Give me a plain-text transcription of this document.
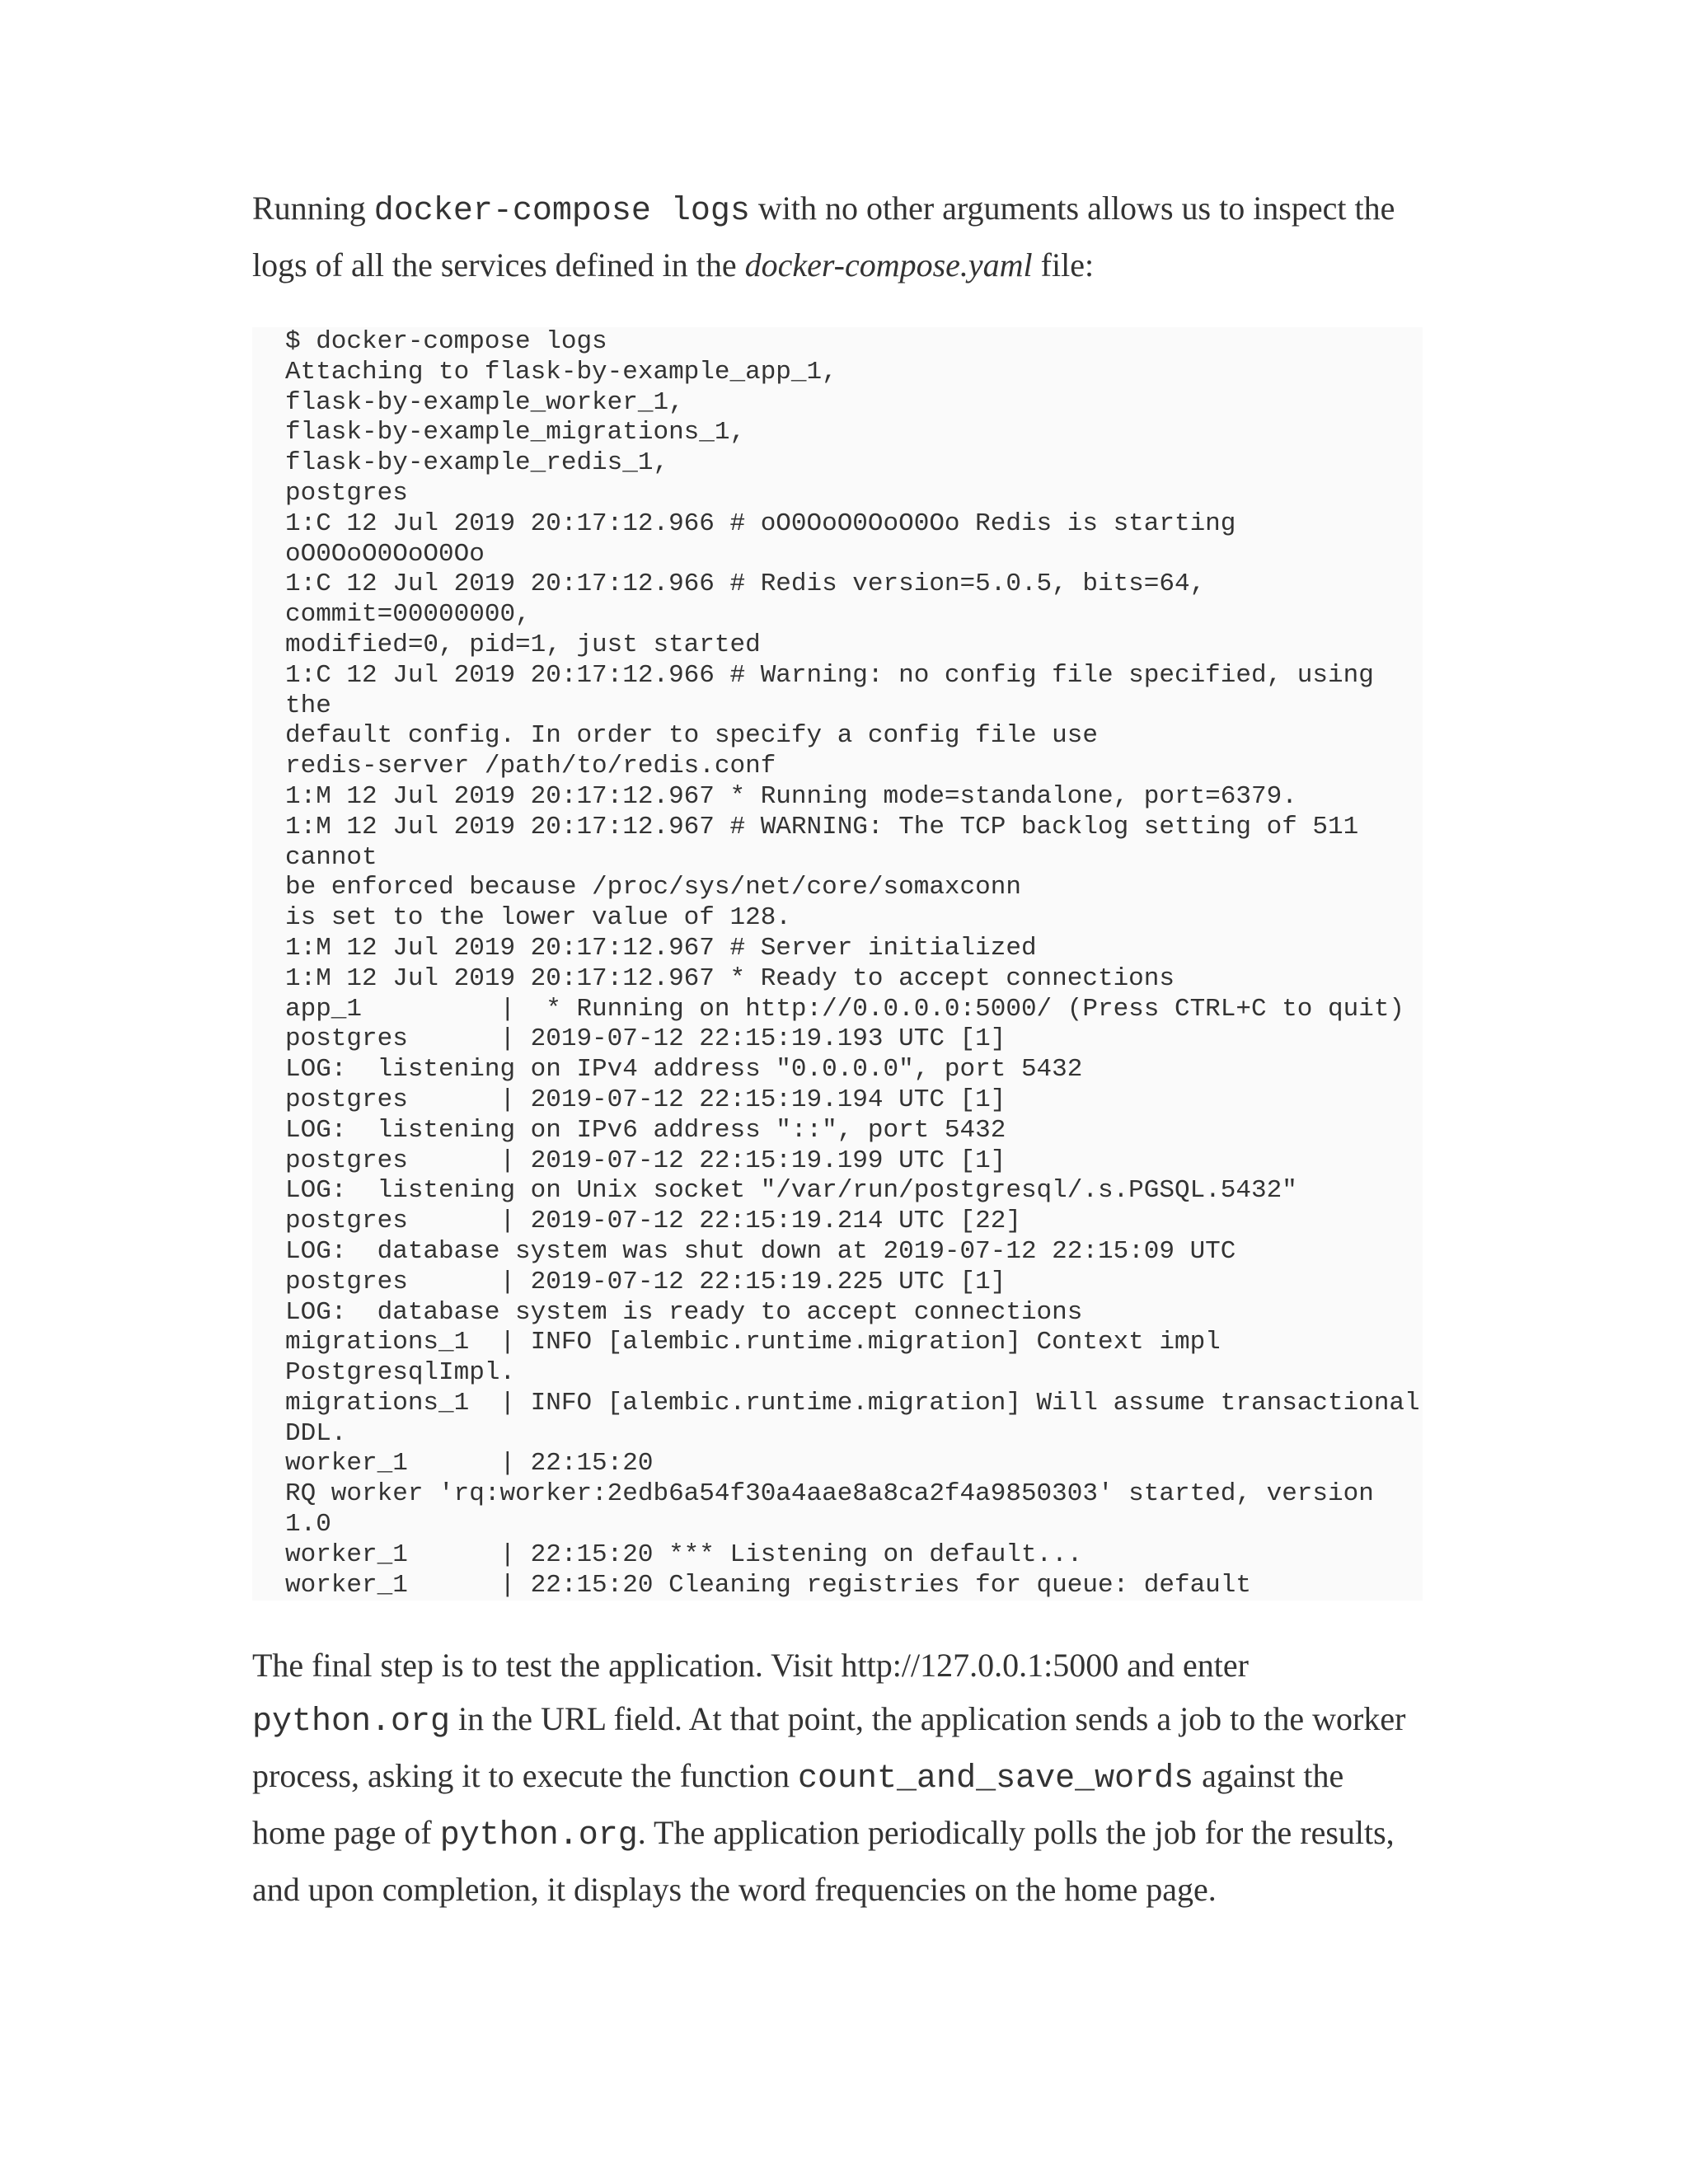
Running docker-compose logs with no other arguments allows us to inspect the logs of all the services defined in the docker-compose.yaml file:

$ docker-compose logs
Attaching to flask-by-example_app_1,
flask-by-example_worker_1,
flask-by-example_migrations_1,
flask-by-example_redis_1,
postgres
1:C 12 Jul 2019 20:17:12.966 # oO0OoO0OoO0Oo Redis is starting
oO0OoO0OoO0Oo
1:C 12 Jul 2019 20:17:12.966 # Redis version=5.0.5, bits=64,
commit=00000000,
modified=0, pid=1, just started
1:C 12 Jul 2019 20:17:12.966 # Warning: no config file specified, using
the
default config. In order to specify a config file use
redis-server /path/to/redis.conf
1:M 12 Jul 2019 20:17:12.967 * Running mode=standalone, port=6379.
1:M 12 Jul 2019 20:17:12.967 # WARNING: The TCP backlog setting of 511
cannot
be enforced because /proc/sys/net/core/somaxconn
is set to the lower value of 128.
1:M 12 Jul 2019 20:17:12.967 # Server initialized
1:M 12 Jul 2019 20:17:12.967 * Ready to accept connections
app_1         |  * Running on http://0.0.0.0:5000/ (Press CTRL+C to quit)
postgres      | 2019-07-12 22:15:19.193 UTC [1]
LOG:  listening on IPv4 address "0.0.0.0", port 5432
postgres      | 2019-07-12 22:15:19.194 UTC [1]
LOG:  listening on IPv6 address "::", port 5432
postgres      | 2019-07-12 22:15:19.199 UTC [1]
LOG:  listening on Unix socket "/var/run/postgresql/.s.PGSQL.5432"
postgres      | 2019-07-12 22:15:19.214 UTC [22]
LOG:  database system was shut down at 2019-07-12 22:15:09 UTC
postgres      | 2019-07-12 22:15:19.225 UTC [1]
LOG:  database system is ready to accept connections
migrations_1  | INFO [alembic.runtime.migration] Context impl
PostgresqlImpl.
migrations_1  | INFO [alembic.runtime.migration] Will assume transactional
DDL.
worker_1      | 22:15:20
RQ worker 'rq:worker:2edb6a54f30a4aae8a8ca2f4a9850303' started, version
1.0
worker_1      | 22:15:20 *** Listening on default...
worker_1      | 22:15:20 Cleaning registries for queue: default

The final step is to test the application. Visit http://127.0.0.1:5000 and enter python.org in the URL field. At that point, the application sends a job to the worker process, asking it to execute the function count_and_save_words against the home page of python.org. The application periodically polls the job for the results, and upon completion, it displays the word frequencies on the home page.
